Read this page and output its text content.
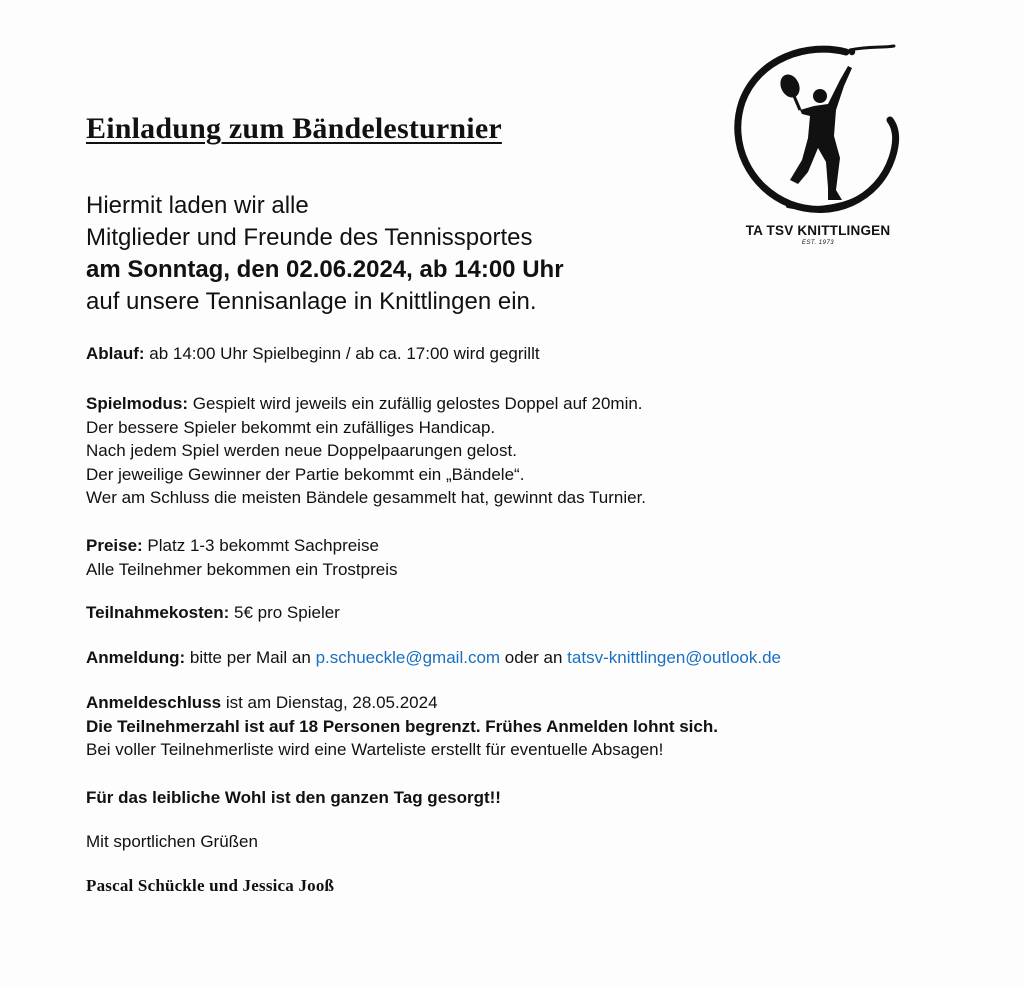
TA TSV KNITTLINGEN
EST. 1973
Einladung zum Bändelesturnier
Hiermit laden wir alle
Mitglieder und Freunde des Tennissportes
am Sonntag, den 02.06.2024, ab 14:00 Uhr
auf unsere Tennisanlage in Knittlingen ein.
Ablauf: ab 14:00 Uhr Spielbeginn / ab ca. 17:00 wird gegrillt
Spielmodus: Gespielt wird jeweils ein zufällig gelostes Doppel auf 20min.
Der bessere Spieler bekommt ein zufälliges Handicap.
Nach jedem Spiel werden neue Doppelpaarungen gelost.
Der jeweilige Gewinner der Partie bekommt ein „Bändele“.
Wer am Schluss die meisten Bändele gesammelt hat, gewinnt das Turnier.
Preise: Platz 1-3 bekommt Sachpreise
Alle Teilnehmer bekommen ein Trostpreis
Teilnahmekosten: 5€ pro Spieler
Anmeldung: bitte per Mail an p.schueckle@gmail.com oder an tatsv-knittlingen@outlook.de
Anmeldeschluss ist am Dienstag, 28.05.2024
Die Teilnehmerzahl ist auf 18 Personen begrenzt. Frühes Anmelden lohnt sich.
Bei voller Teilnehmerliste wird eine Warteliste erstellt für eventuelle Absagen!
Für das leibliche Wohl ist den ganzen Tag gesorgt!!
Mit sportlichen Grüßen
Pascal Schückle und Jessica Jooß
